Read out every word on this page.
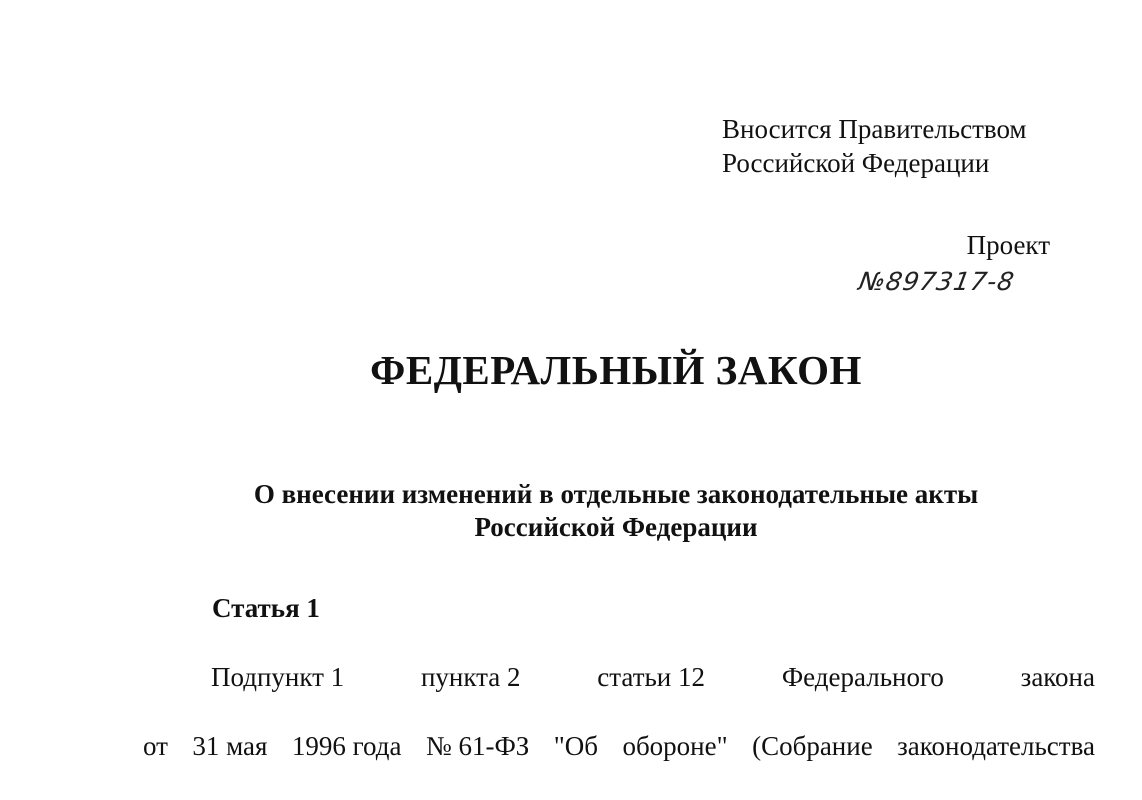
Вносится Правительством
Российской Федерации
Проект
№897317-8
ФЕДЕРАЛЬНЫЙ ЗАКОН
О внесении изменений в отдельные законодательные акты
Российской Федерации
Статья 1
Подпункт 1	пункта 2	статьи 12	Федерального	закона
от 31 мая 1996 года № 61-ФЗ "Об обороне" (Собрание законодательства
